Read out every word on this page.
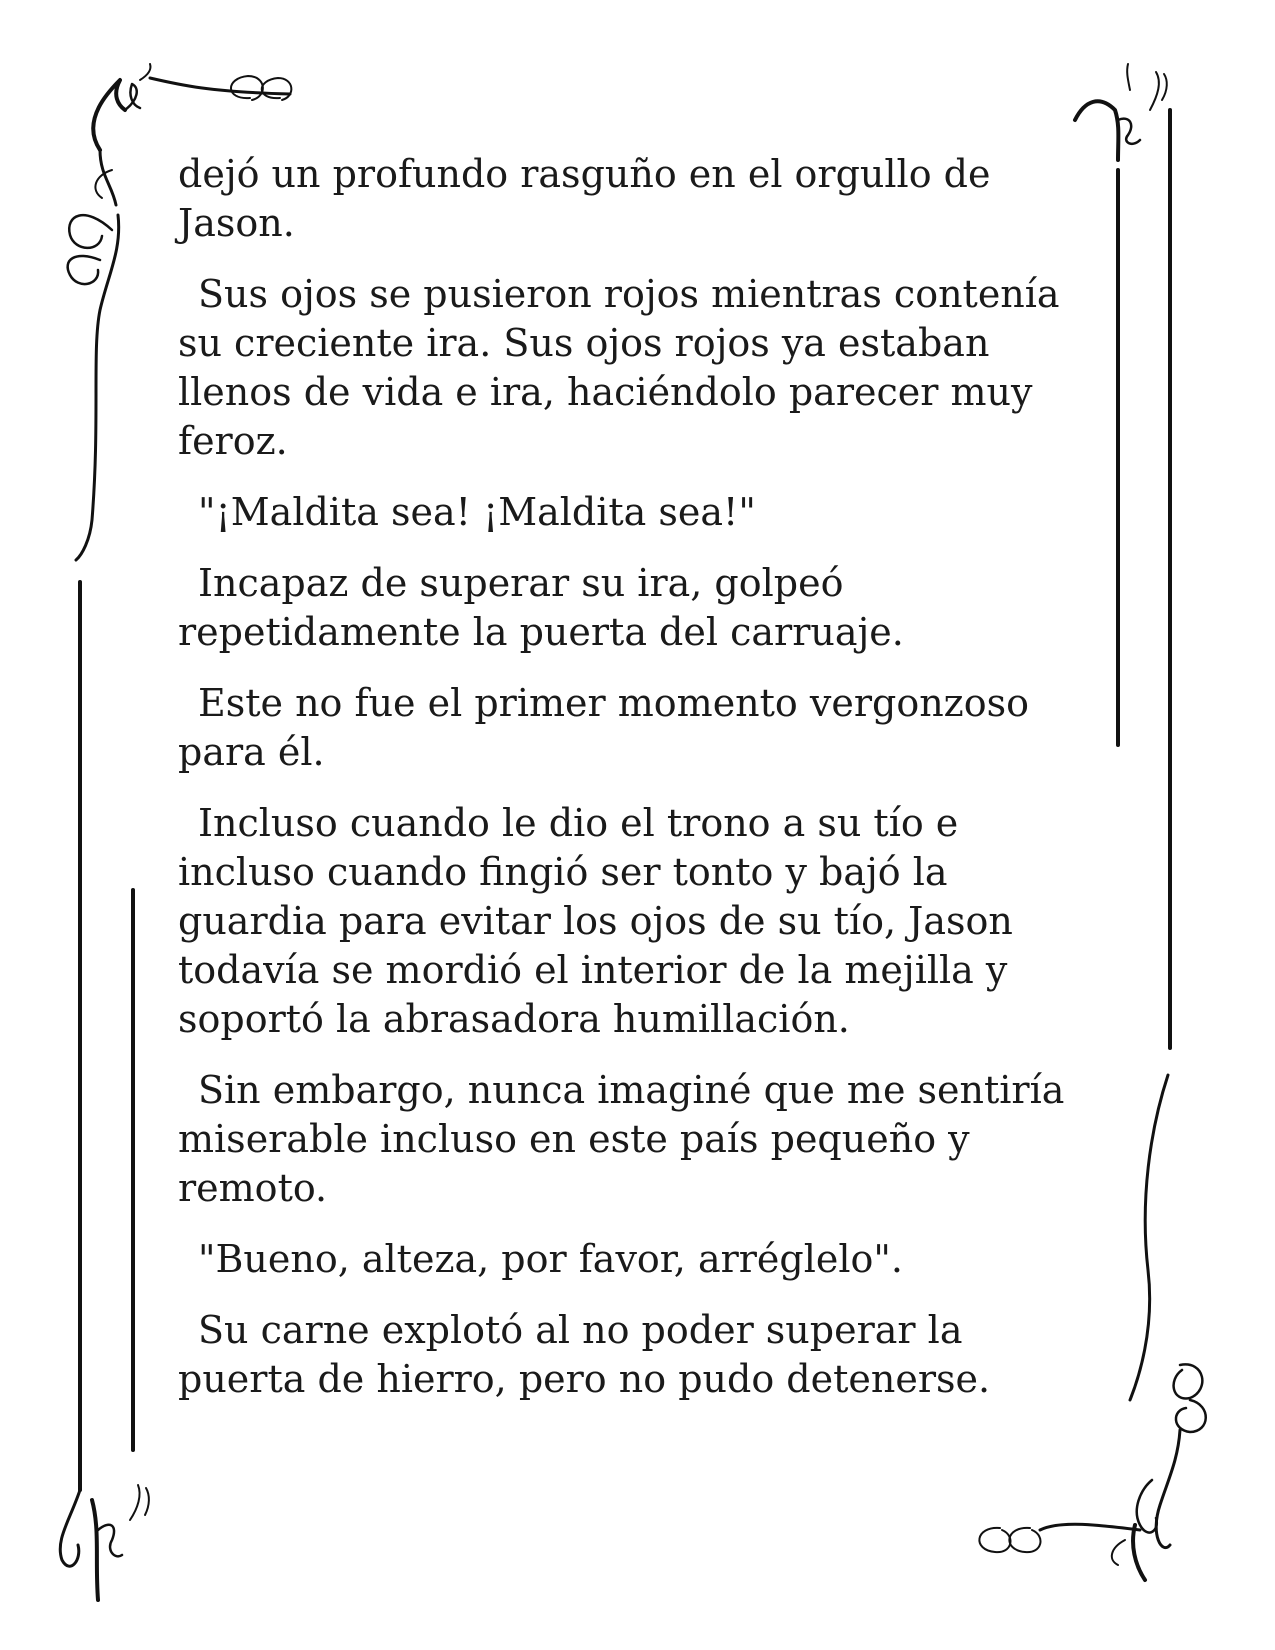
dejó un profundo rasguño en el orgullo de Jason.

Sus ojos se pusieron rojos mientras contenía su creciente ira. Sus ojos rojos ya estaban llenos de vida e ira, haciéndolo parecer muy feroz.

"¡Maldita sea! ¡Maldita sea!"

Incapaz de superar su ira, golpeó repetidamente la puerta del carruaje.

Este no fue el primer momento vergonzoso para él.

Incluso cuando le dio el trono a su tío e incluso cuando fingió ser tonto y bajó la guardia para evitar los ojos de su tío, Jason todavía se mordió el interior de la mejilla y soportó la abrasadora humillación.

Sin embargo, nunca imaginé que me sentiría miserable incluso en este país pequeño y remoto.

"Bueno, alteza, por favor, arréglelo".

Su carne explotó al no poder superar la puerta de hierro, pero no pudo detenerse.
